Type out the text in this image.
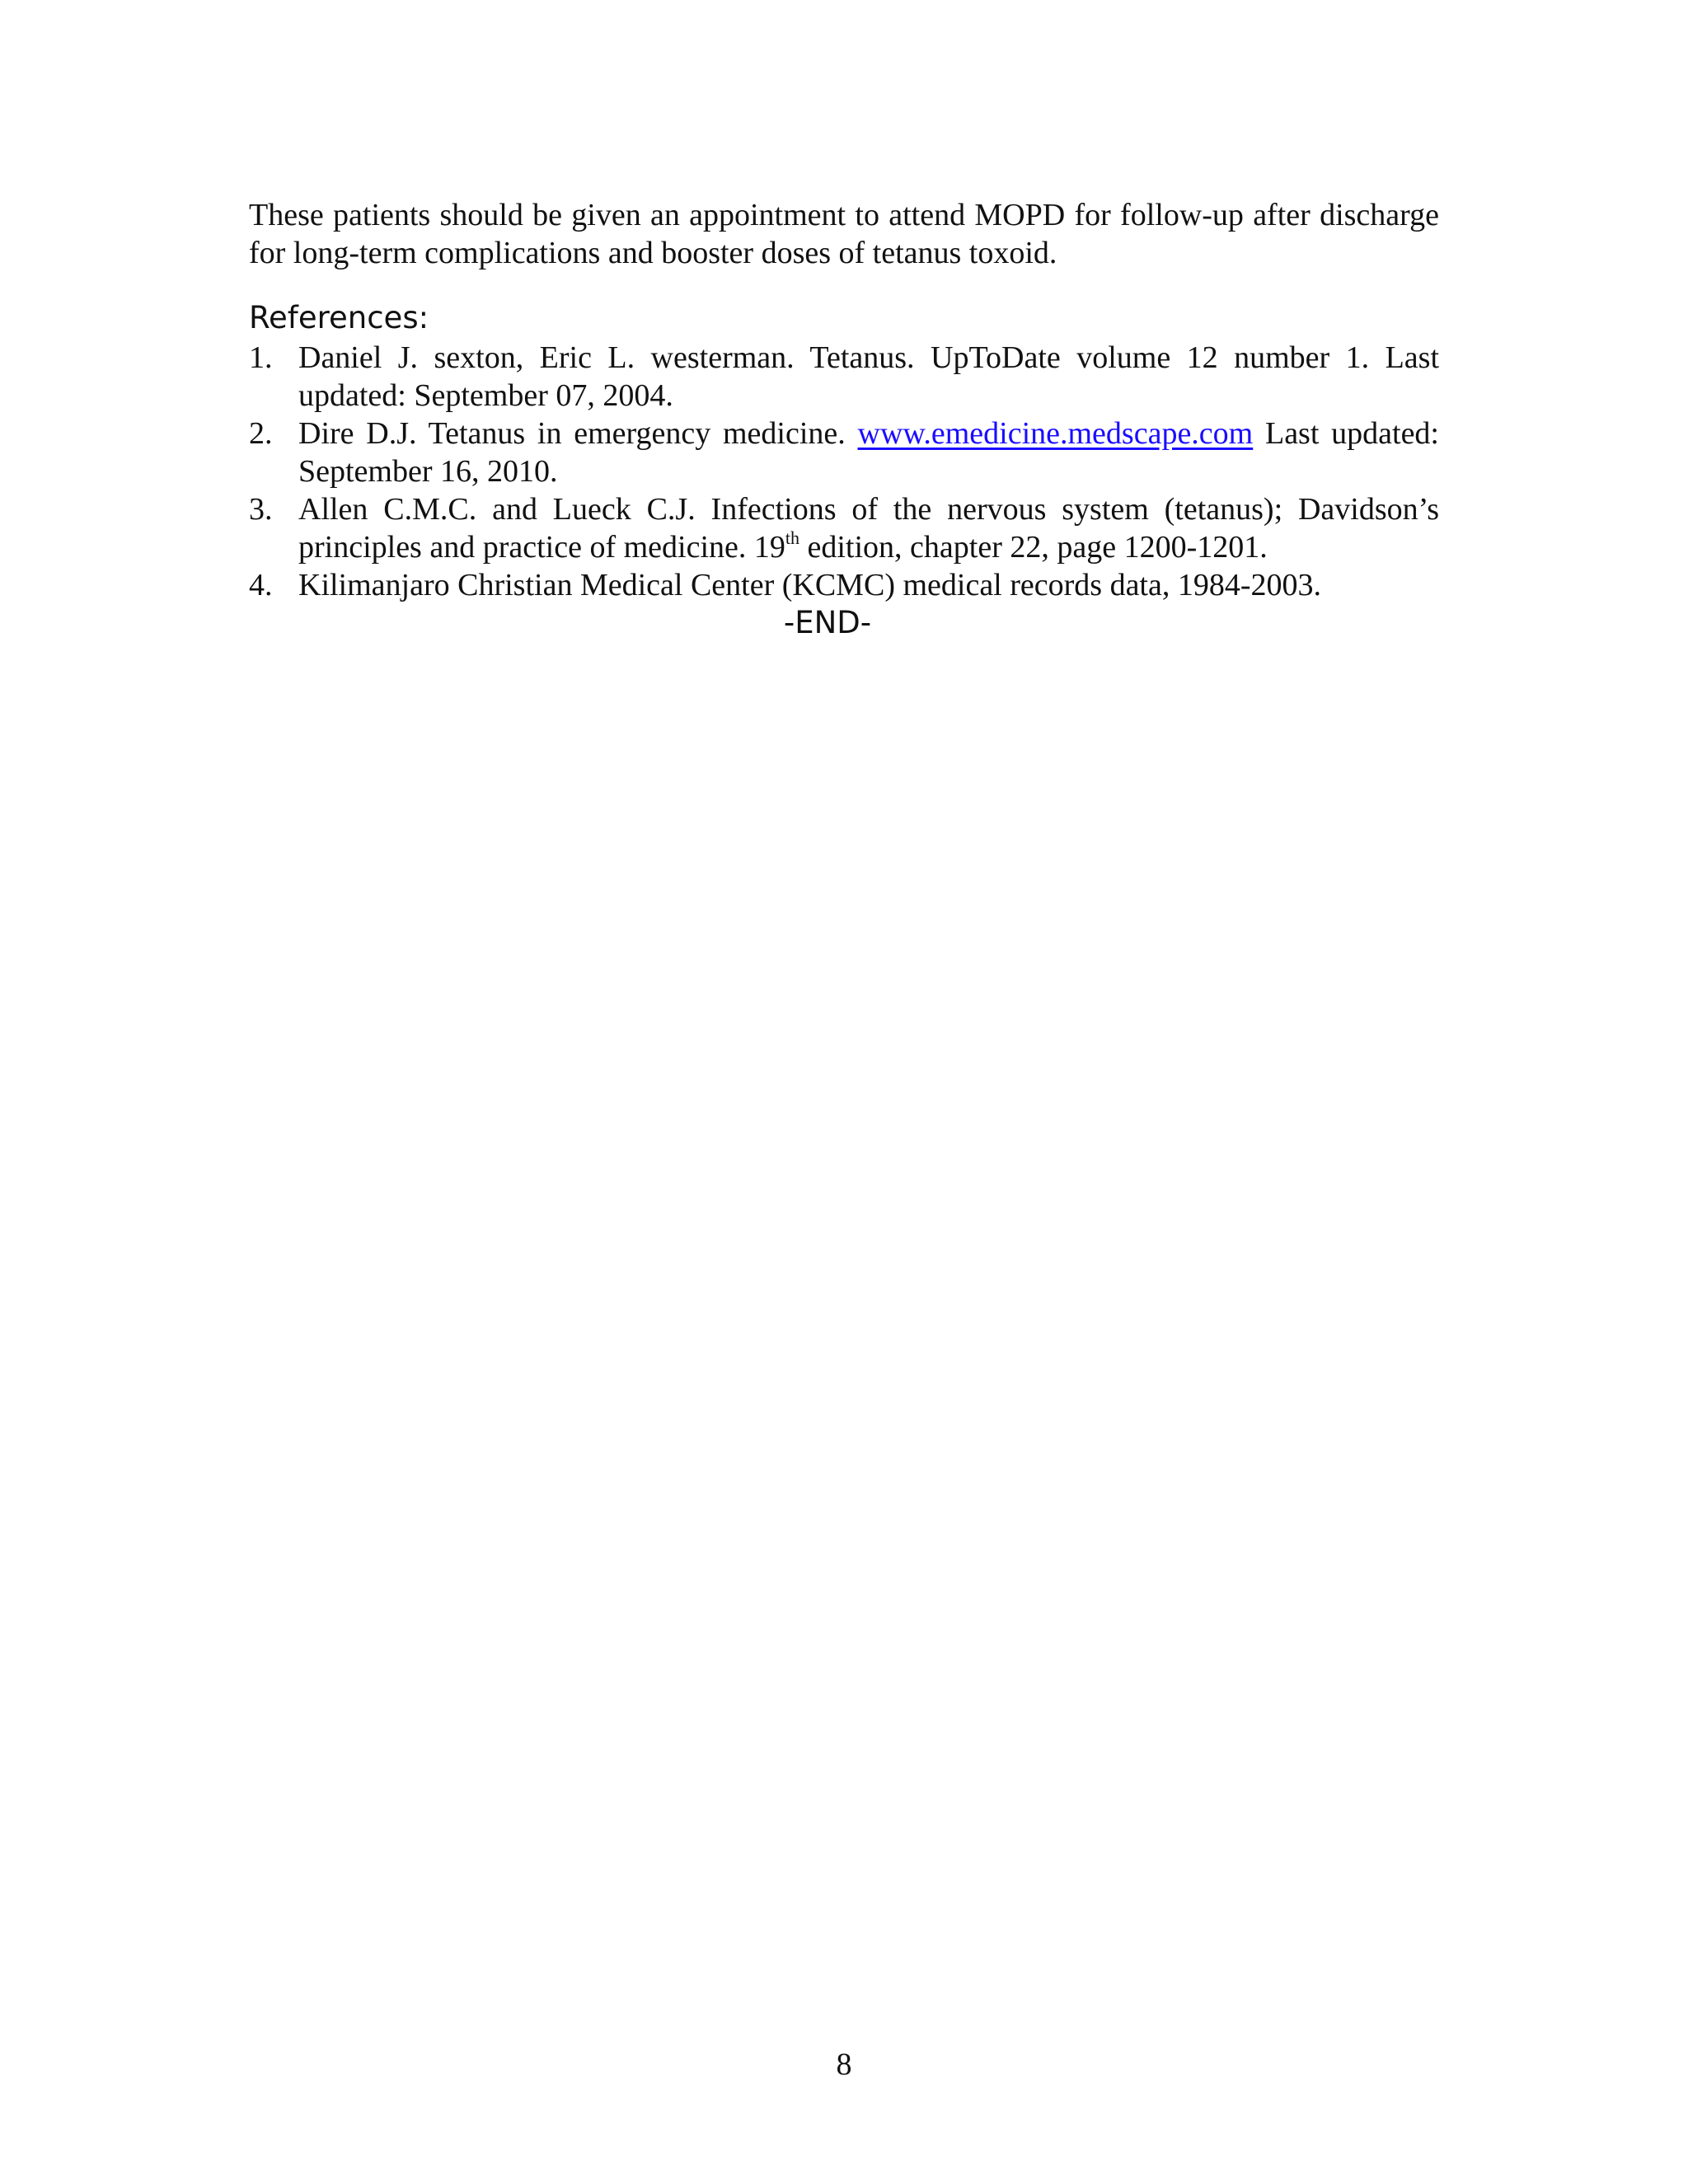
These patients should be given an appointment to attend MOPD for follow-up after discharge for long-term complications and booster doses of tetanus toxoid.

References:
1. Daniel J. sexton, Eric L. westerman. Tetanus. UpToDate volume 12 number 1. Last updated: September 07, 2004.
2. Dire D.J. Tetanus in emergency medicine. www.emedicine.medscape.com Last updated: September 16, 2010.
3. Allen C.M.C. and Lueck C.J. Infections of the nervous system (tetanus); Davidson’s principles and practice of medicine. 19th edition, chapter 22, page 1200-1201.
4. Kilimanjaro Christian Medical Center (KCMC) medical records data, 1984-2003.

-END-

8
